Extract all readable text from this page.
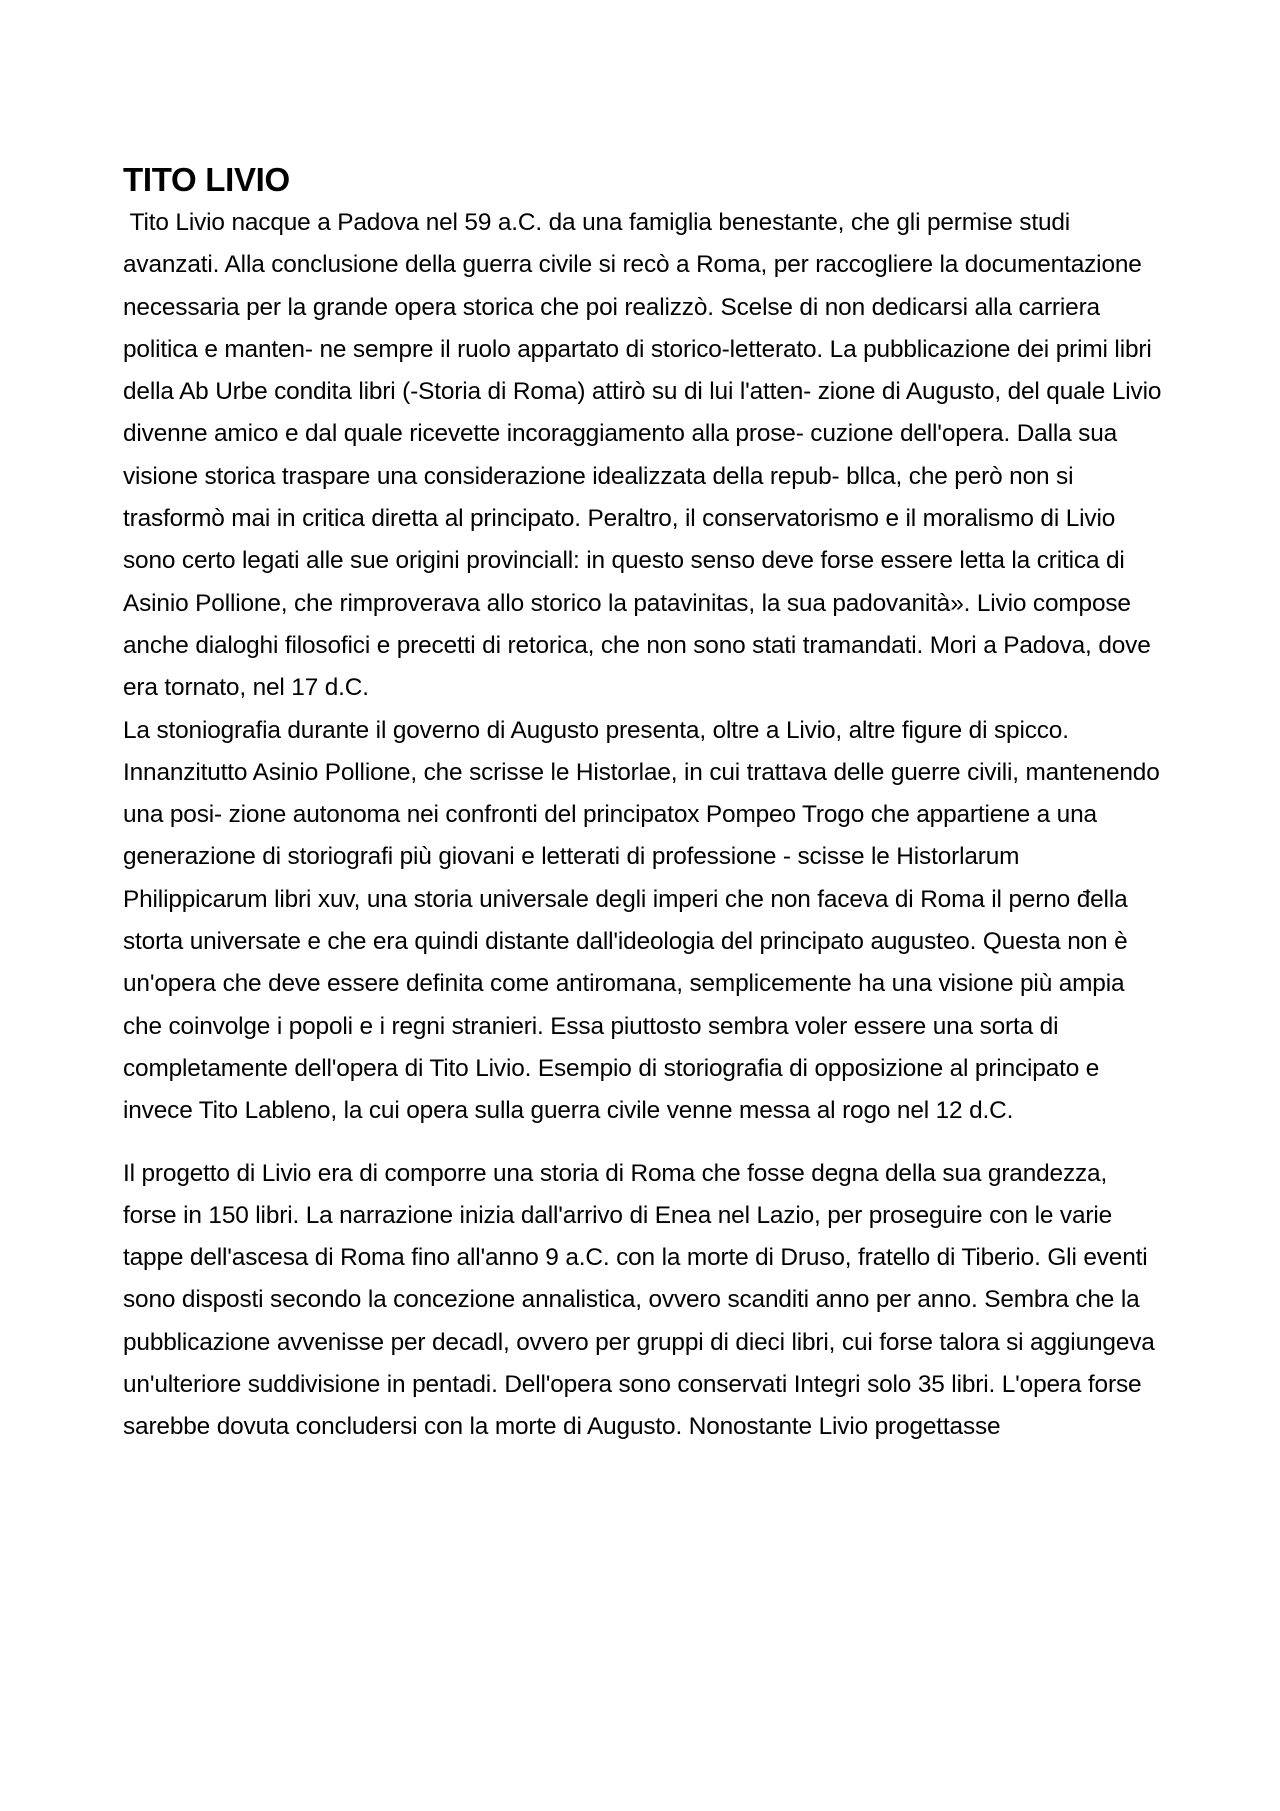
TITO LIVIO

Tito Livio nacque a Padova nel 59 a.C. da una famiglia benestante, che gli permise studi avanzati. Alla conclusione della guerra civile si recò a Roma, per raccogliere la documentazione necessaria per la grande opera storica che poi realizzò. Scelse di non dedicarsi alla carriera politica e manten- ne sempre il ruolo appartato di storico-letterato. La pubblicazione dei primi libri della Ab Urbe condita libri (-Storia di Roma) attirò su di lui l'atten- zione di Augusto, del quale Livio divenne amico e dal quale ricevette incoraggiamento alla prose- cuzione dell'opera. Dalla sua visione storica traspare una considerazione idealizzata della repub- bllca, che però non si trasformò mai in critica diretta al principato. Peraltro, il conservatorismo e il moralismo di Livio sono certo legati alle sue origini provinciall: in questo senso deve forse essere letta la critica di Asinio Pollione, che rimproverava allo storico la patavinitas, la sua padovanità». Livio compose anche dialoghi filosofici e precetti di retorica, che non sono stati tramandati. Mori a Padova, dove era tornato, nel 17 d.C.

La stoniografia durante il governo di Augusto presenta, oltre a Livio, altre figure di spicco. Innanzitutto Asinio Pollione, che scrisse le Historlae, in cui trattava delle guerre civili, mantenendo una posi- zione autonoma nei confronti del principatox Pompeo Trogo che appartiene a una generazione di storiografi più giovani e letterati di professione - scisse le Historlarum Philippicarum libri xuv, una storia universale degli imperi che non faceva di Roma il perno đella storta universate e che era quindi distante dall'ideologia del principato augusteo. Questa non è un'opera che deve essere definita come antiromana, semplicemente ha una visione più ampia che coinvolge i popoli e i regni stranieri. Essa piuttosto sembra voler essere una sorta di completamente dell'opera di Tito Livio. Esempio di storiografia di opposizione al principato e invece Tito Lableno, la cui opera sulla guerra civile venne messa al rogo nel 12 d.C.

Il progetto di Livio era di comporre una storia di Roma che fosse degna della sua grandezza, forse in 150 libri. La narrazione inizia dall'arrivo di Enea nel Lazio, per proseguire con le varie tappe dell'ascesa di Roma fino all'anno 9 a.C. con la morte di Druso, fratello di Tiberio. Gli eventi sono disposti secondo la concezione annalistica, ovvero scanditi anno per anno. Sembra che la pubblicazione avvenisse per decadl, ovvero per gruppi di dieci libri, cui forse talora si aggiungeva un'ulteriore suddivisione in pentadi. Dell'opera sono conservati Integri solo 35 libri. L'opera forse sarebbe dovuta concludersi con la morte di Augusto. Nonostante Livio progettasse
